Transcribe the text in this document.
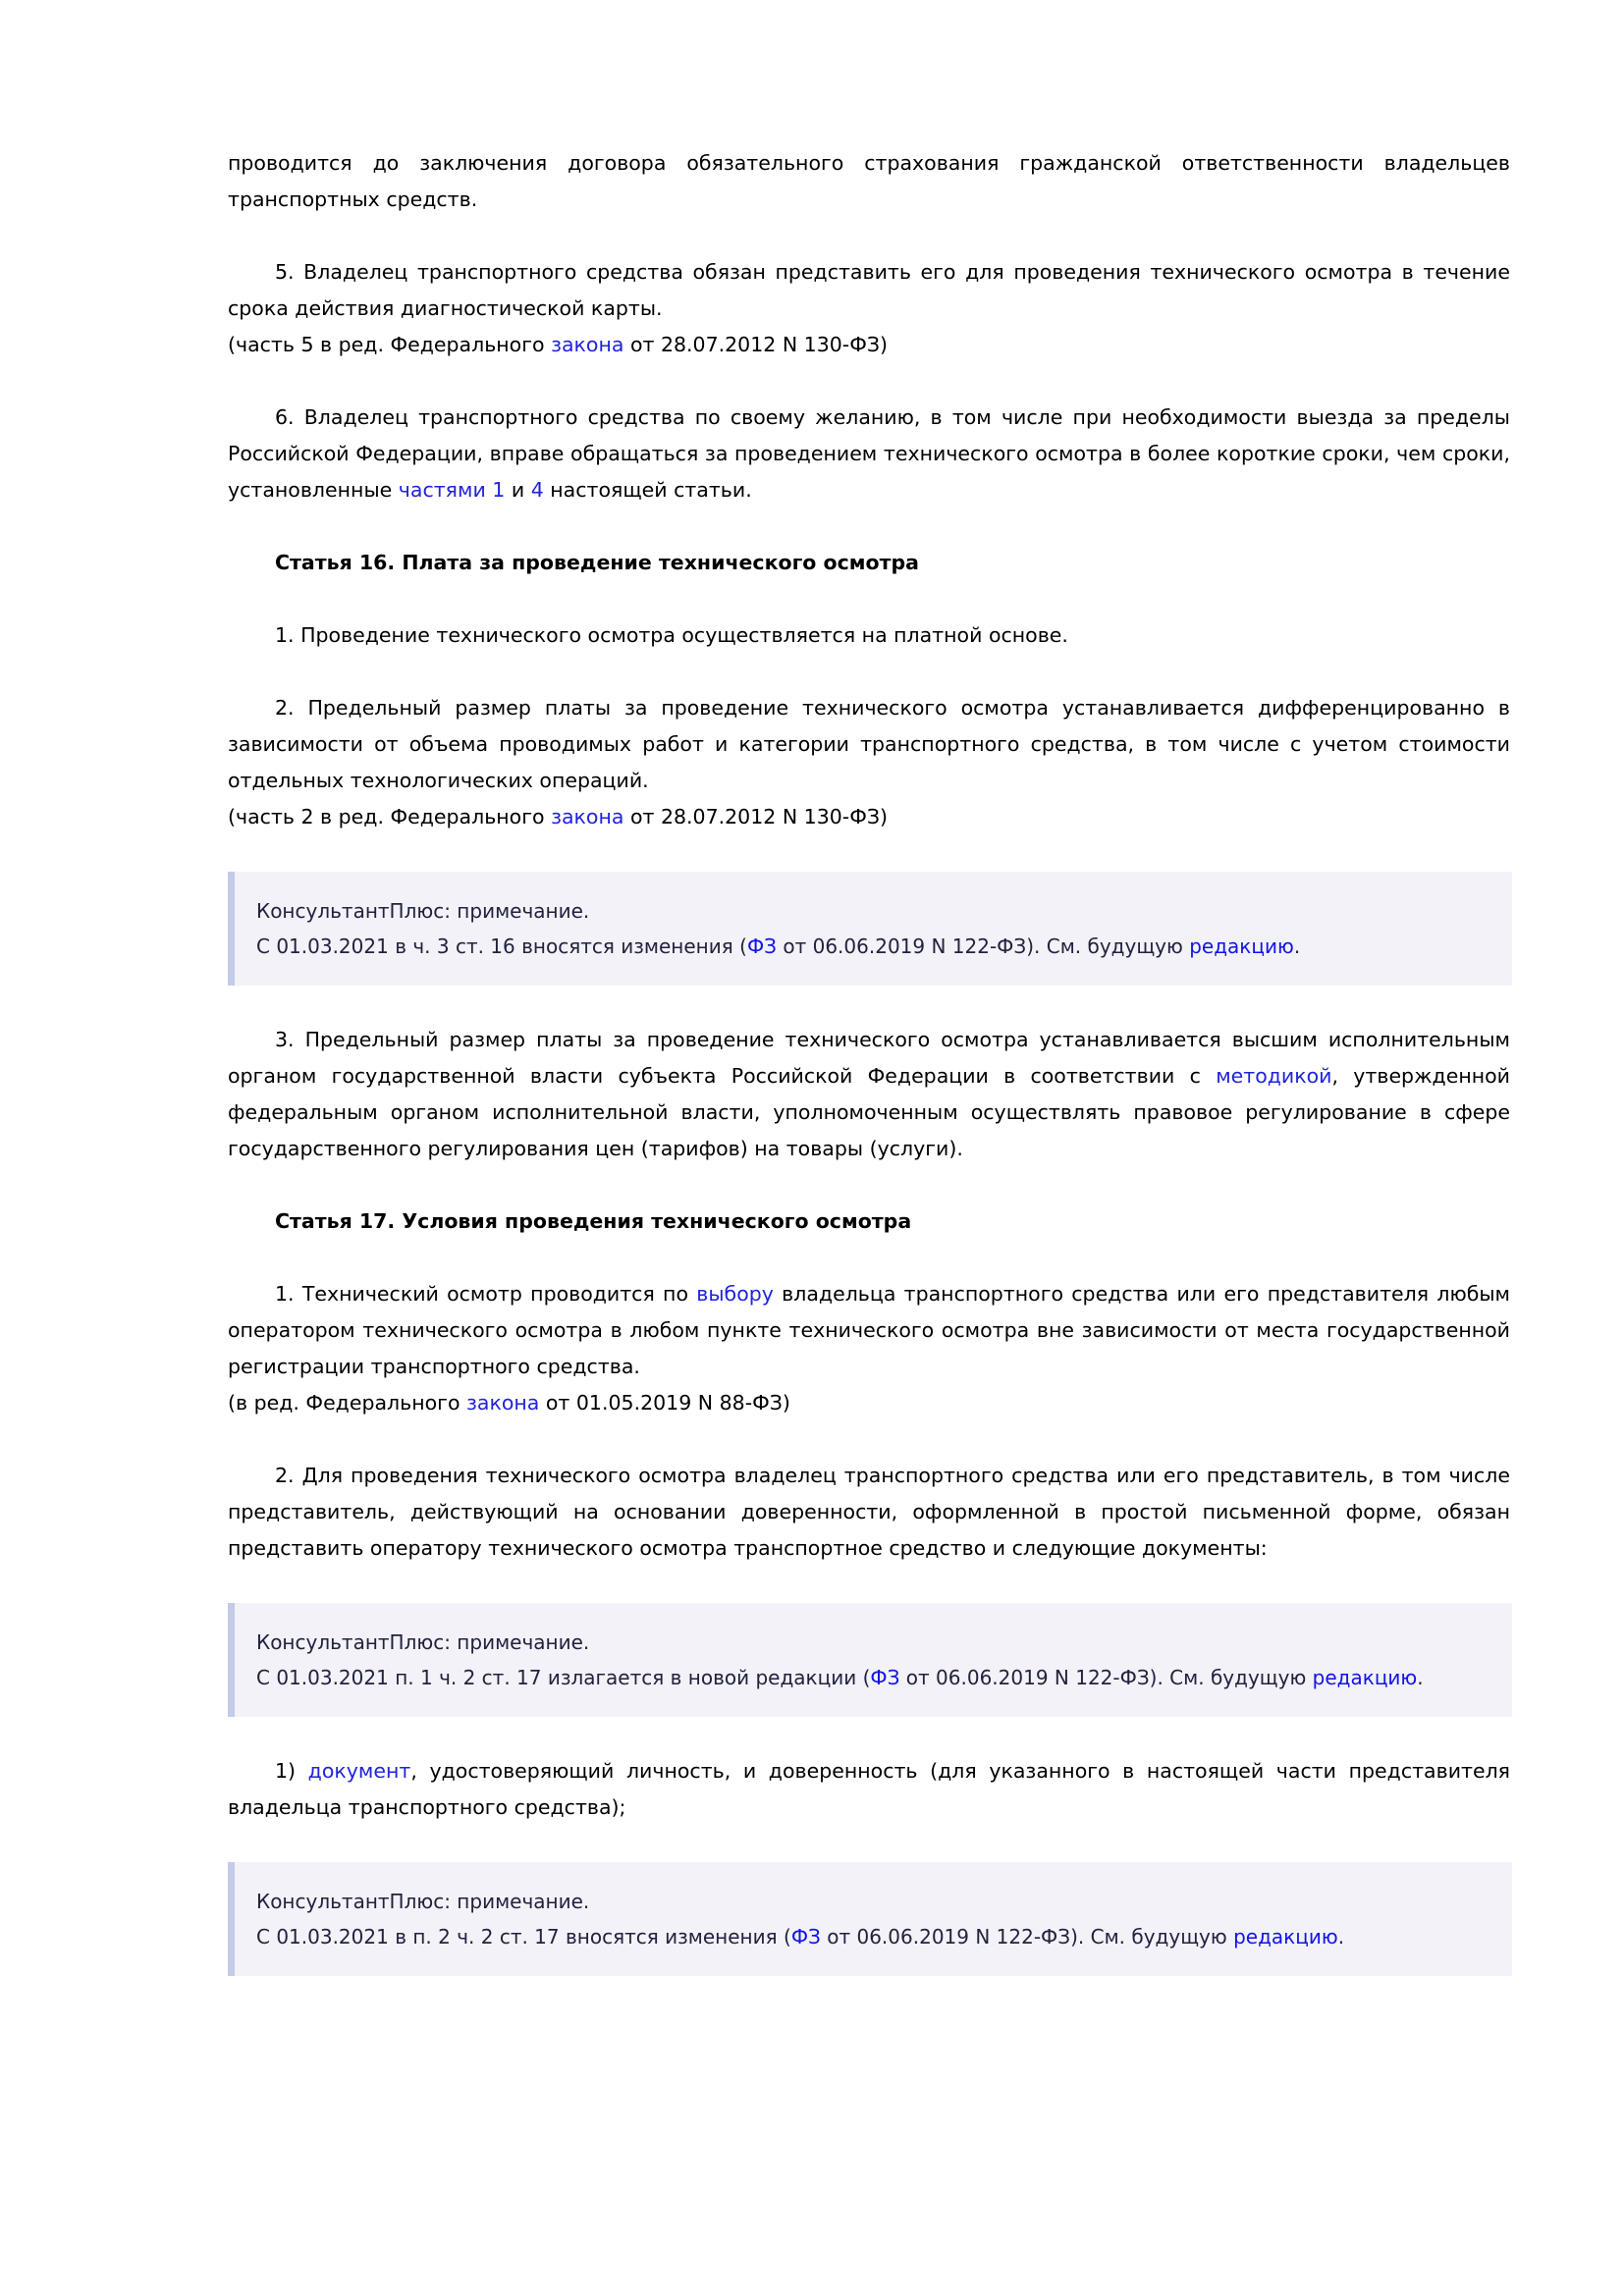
проводится до заключения договора обязательного страхования гражданской ответственности владельцев транспортных средств.

5. Владелец транспортного средства обязан представить его для проведения технического осмотра в течение срока действия диагностической карты.

(часть 5 в ред. Федерального закона от 28.07.2012 N 130-ФЗ)

6. Владелец транспортного средства по своему желанию, в том числе при необходимости выезда за пределы Российской Федерации, вправе обращаться за проведением технического осмотра в более короткие сроки, чем сроки, установленные частями 1 и 4 настоящей статьи.

Статья 16. Плата за проведение технического осмотра

1. Проведение технического осмотра осуществляется на платной основе.

2. Предельный размер платы за проведение технического осмотра устанавливается дифференцированно в зависимости от объема проводимых работ и категории транспортного средства, в том числе с учетом стоимости отдельных технологических операций.

(часть 2 в ред. Федерального закона от 28.07.2012 N 130-ФЗ)

КонсультантПлюс: примечание.
С 01.03.2021 в ч. 3 ст. 16 вносятся изменения (ФЗ от 06.06.2019 N 122-ФЗ). См. будущую редакцию.

3. Предельный размер платы за проведение технического осмотра устанавливается высшим исполнительным органом государственной власти субъекта Российской Федерации в соответствии с методикой, утвержденной федеральным органом исполнительной власти, уполномоченным осуществлять правовое регулирование в сфере государственного регулирования цен (тарифов) на товары (услуги).

Статья 17. Условия проведения технического осмотра

1. Технический осмотр проводится по выбору владельца транспортного средства или его представителя любым оператором технического осмотра в любом пункте технического осмотра вне зависимости от места государственной регистрации транспортного средства.

(в ред. Федерального закона от 01.05.2019 N 88-ФЗ)

2. Для проведения технического осмотра владелец транспортного средства или его представитель, в том числе представитель, действующий на основании доверенности, оформленной в простой письменной форме, обязан представить оператору технического осмотра транспортное средство и следующие документы:

КонсультантПлюс: примечание.
С 01.03.2021 п. 1 ч. 2 ст. 17 излагается в новой редакции (ФЗ от 06.06.2019 N 122-ФЗ). См. будущую редакцию.

1) документ, удостоверяющий личность, и доверенность (для указанного в настоящей части представителя владельца транспортного средства);

КонсультантПлюс: примечание.
С 01.03.2021 в п. 2 ч. 2 ст. 17 вносятся изменения (ФЗ от 06.06.2019 N 122-ФЗ). См. будущую редакцию.
